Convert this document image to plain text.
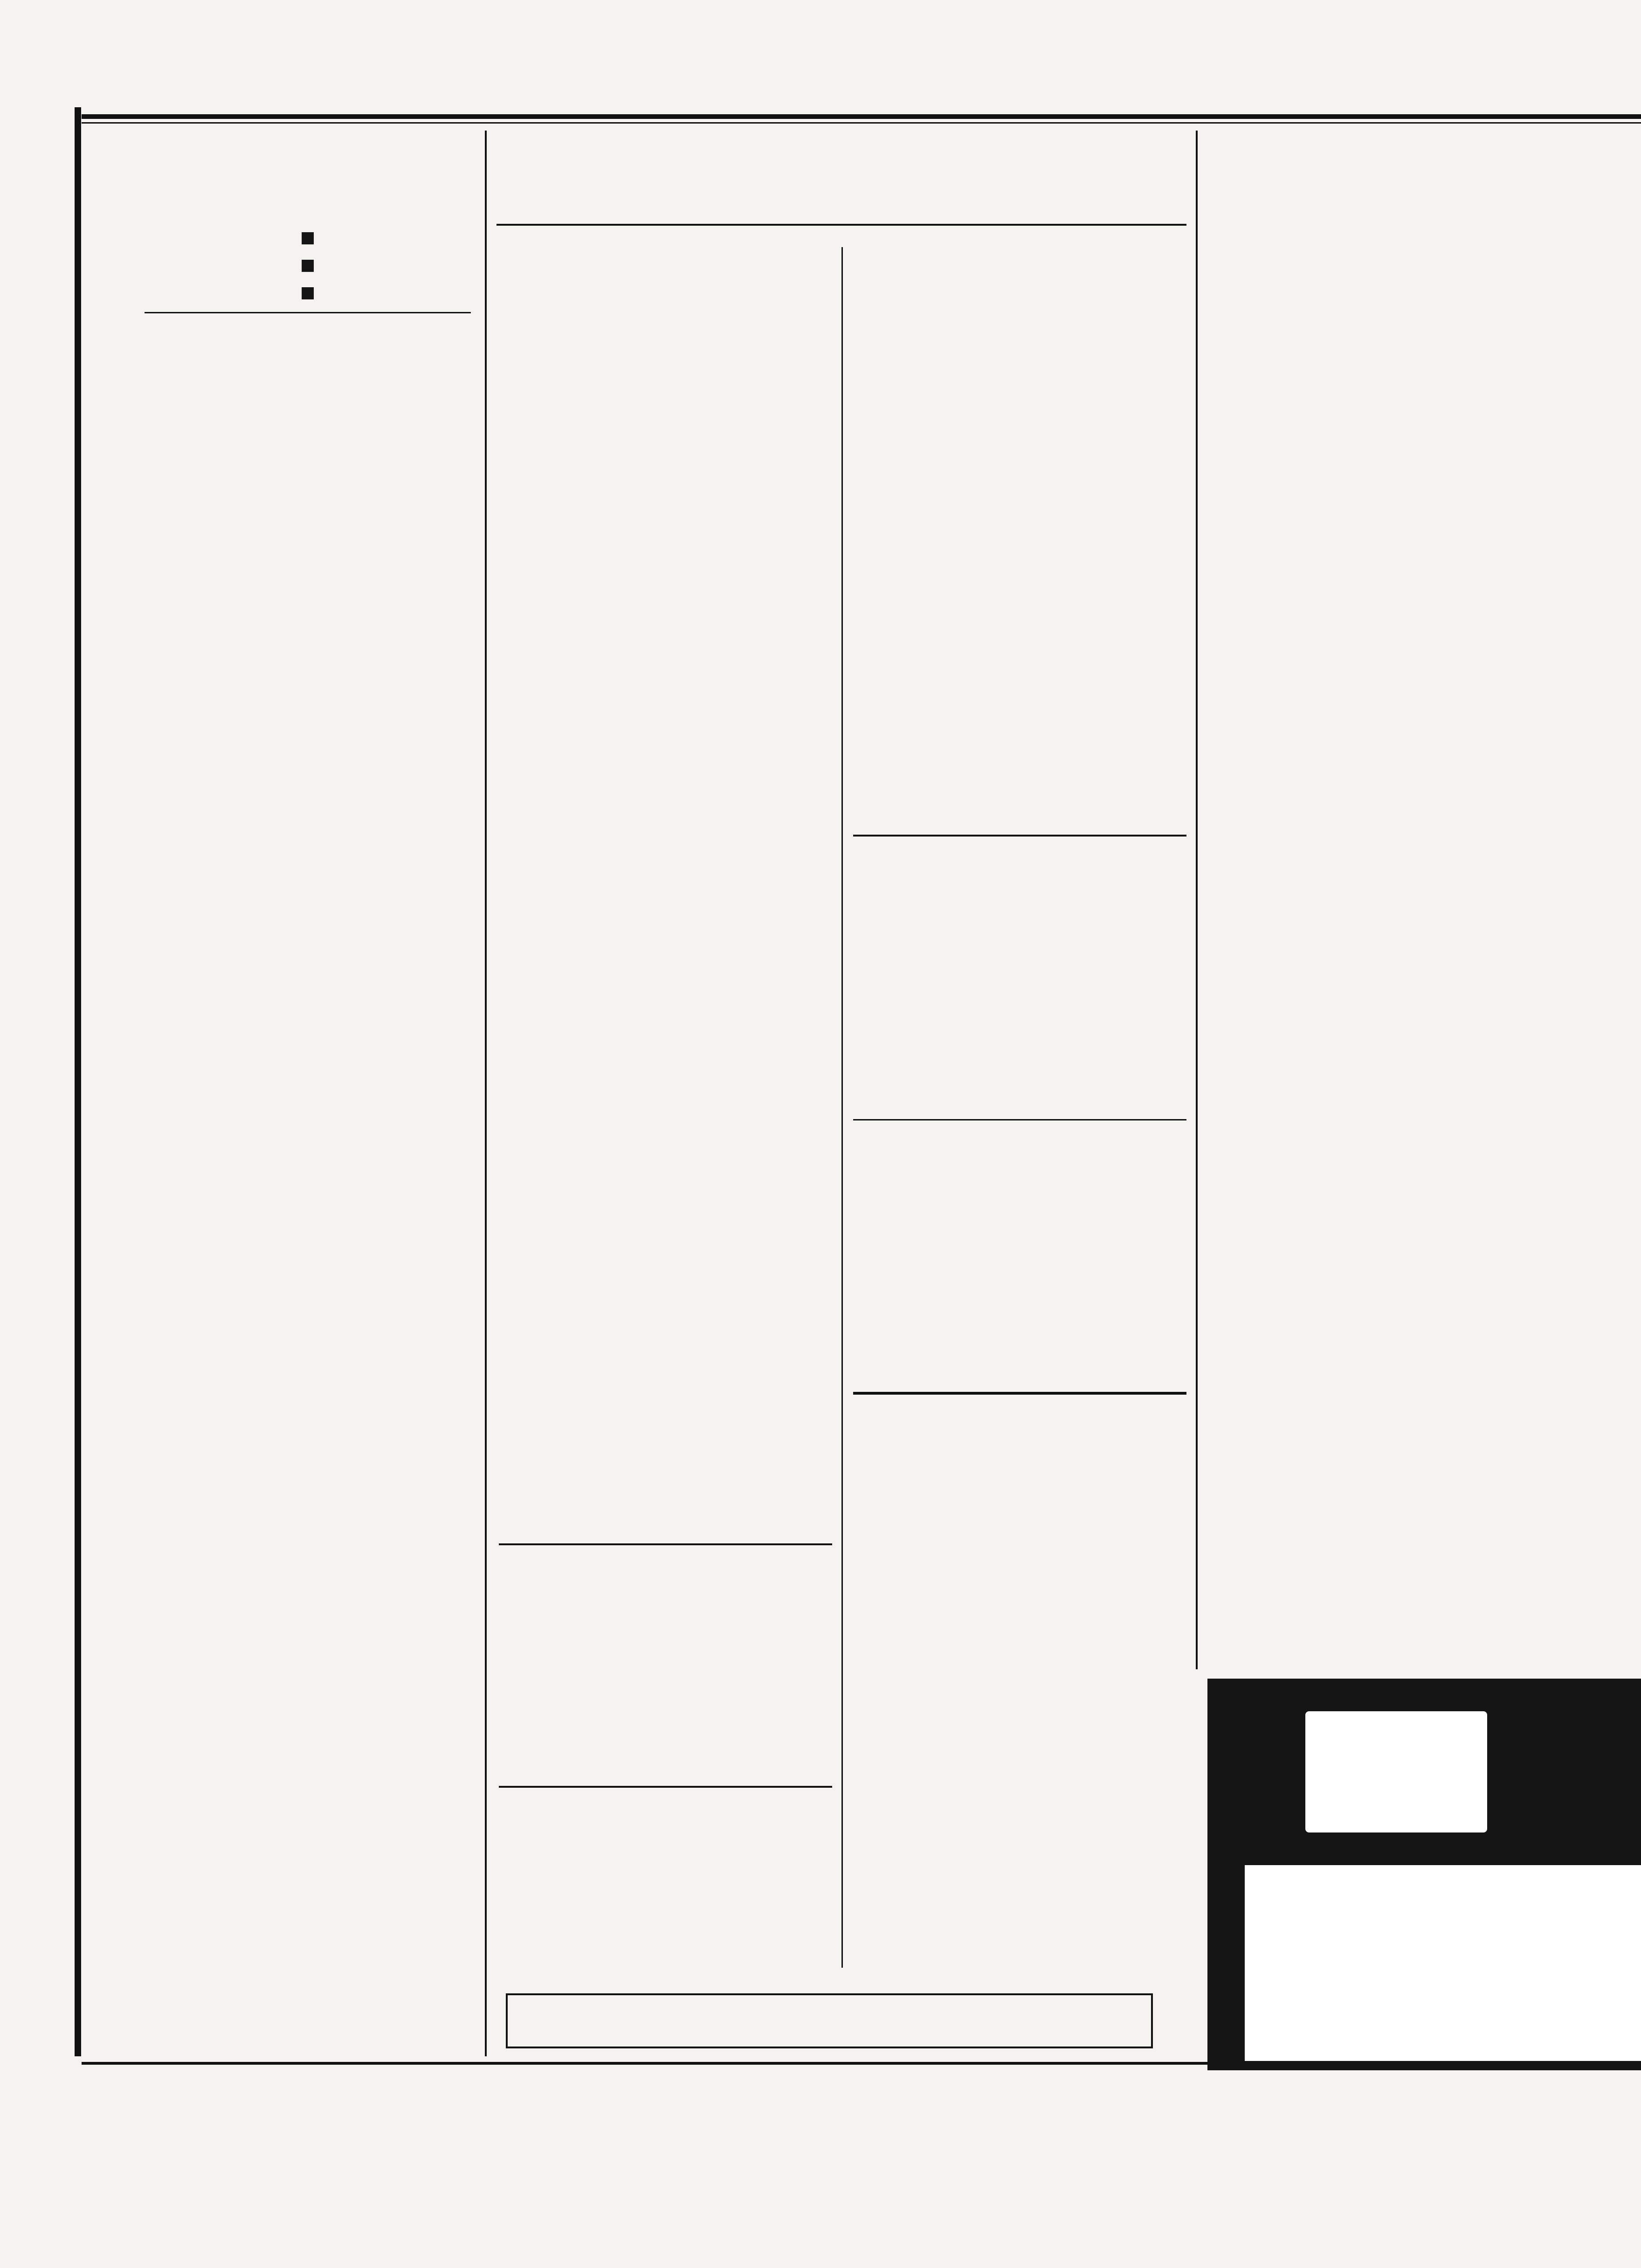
■

■

■
